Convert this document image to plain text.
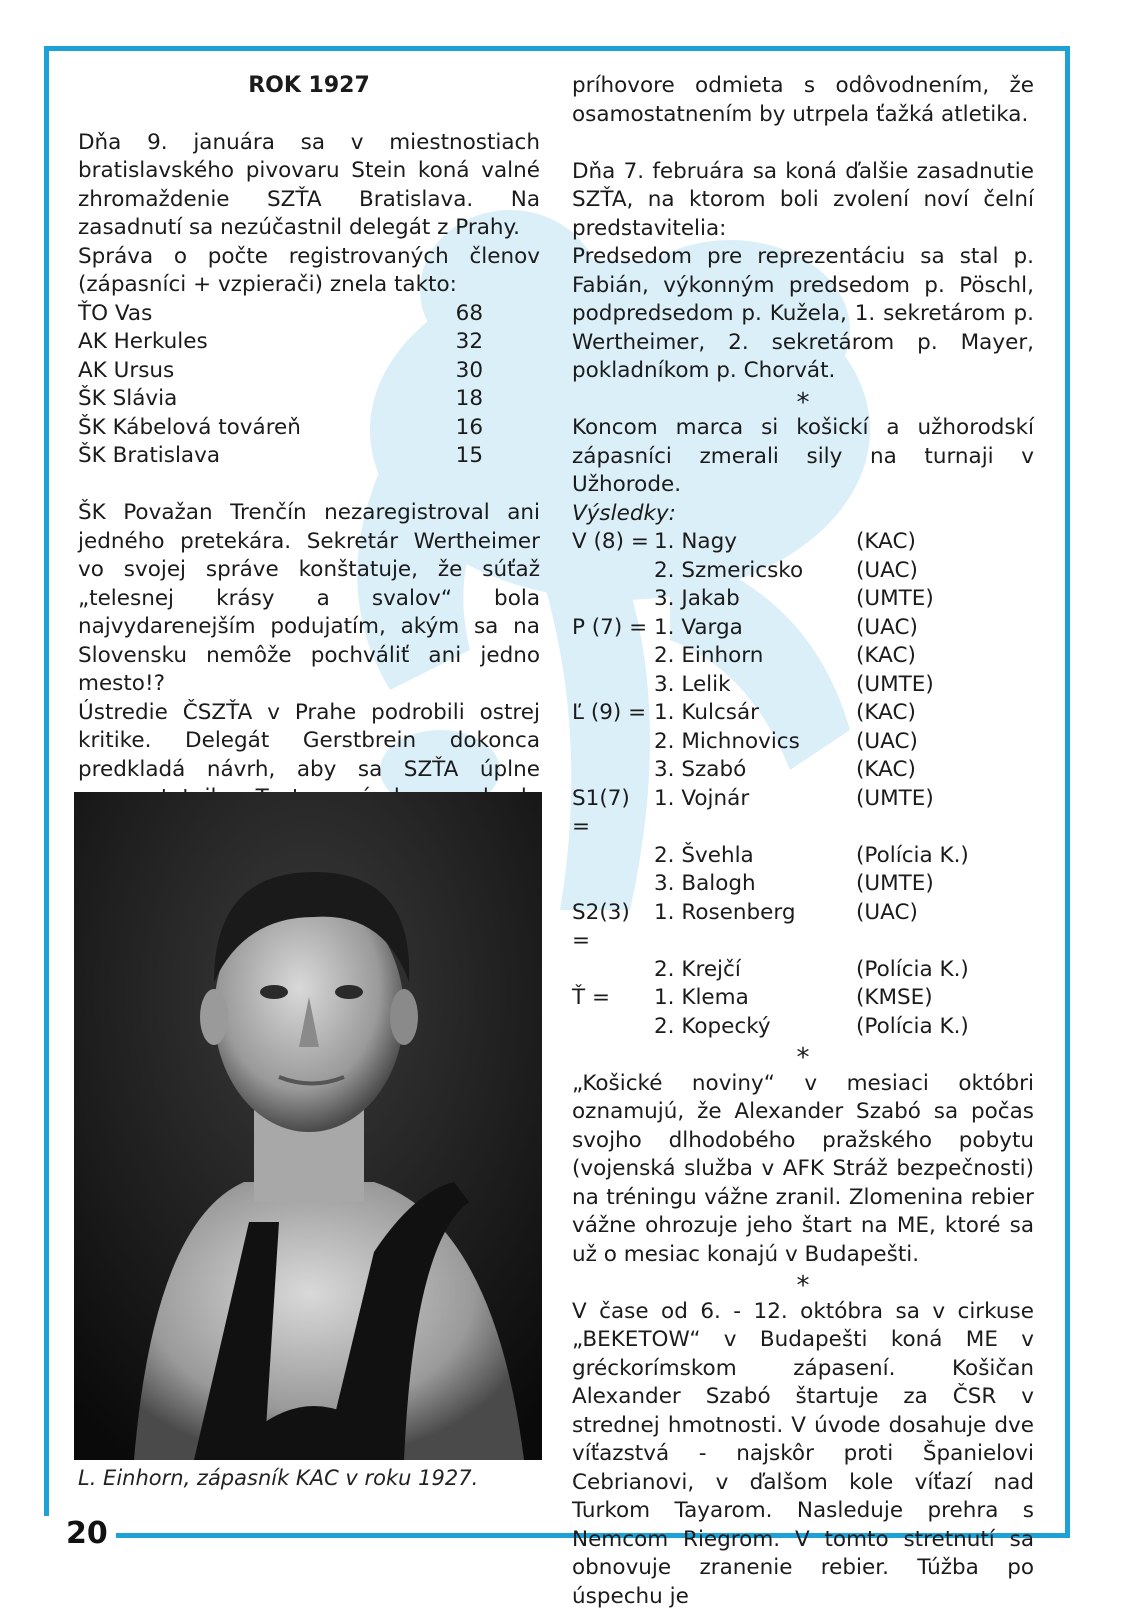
20
ROK 1927

Dňa 9. januára sa v miestnostiach bratislavského pivovaru Stein koná valné zhromaždenie SZŤA Bratislava. Na zasadnutí sa nezúčastnil delegát z Prahy.

Správa o počte registrovaných členov (zápasníci + vzpierači) znela takto:

ŤO Vas	68
AK Herkules	32
AK Ursus	30
ŠK Slávia	18
ŠK Kábelová továreň	16
ŠK Bratislava	15

ŠK Považan Trenčín nezaregistroval ani jedného pretekára. Sekretár Wertheimer vo svojej správe konštatuje, že súťaž „telesnej krásy a svalov“ bola najvydarenejším podujatím, akým sa na Slovensku nemôže pochváliť ani jedno mesto!?

Ústredie ČSZŤA v Prahe podrobili ostrej kritike. Delegát Gerstbrein dokonca predkladá návrh, aby sa SZŤA úplne

L. Einhorn, zápasník KAC v roku 1927.

príhovore odmieta s odôvodnením, že osamostatnením by utrpela ťažká atletika.

Dňa 7. februára sa koná ďalšie zasadnutie SZŤA, na ktorom boli zvolení noví čelní predstavitelia:

Predsedom pre reprezentáciu sa stal p. Fabián, výkonným predsedom p. Pöschl, podpredsedom p. Kužela, 1. sekretárom p. Wertheimer, 2. sekretárom p. Mayer, pokladníkom p. Chorvát.

*

Koncom marca si košickí a užhorodskí zápasníci zmerali sily na turnaji v Užhorode.

Výsledky:
V (8) = 1. Nagy	(KAC)
2. Szmericsko	(UAC)
3. Jakab	(UMTE)
P (7) = 1. Varga	(UAC)
2. Einhorn	(KAC)
3. Lelik	(UMTE)
Ľ (9) = 1. Kulcsár	(KAC)
2. Michnovics	(UAC)
3. Szabó	(KAC)
S1(7) =
1. Vojnár	(UMTE)
2. Švehla	(Polícia K.)
3. Balogh	(UMTE)
S2(3) =
1. Rosenberg	(UAC)
2. Krejčí	(Polícia K.)
Ť =	1. Klema	(KMSE)
2. Kopecký	(Polícia K.)
*

„Košické noviny“ v mesiaci októbri oznamujú, že Alexander Szabó sa počas svojho dlhodobého pražského pobytu (vojenská služba v AFK Stráž bezpečnosti) na tréningu vážne zranil. Zlomenina rebier vážne ohrozuje jeho štart na ME, ktoré sa už o mesiac konajú v Budapešti.

*

V čase od 6. - 12. októbra sa v cirkuse „BEKETOW“ v Budapešti koná ME v gréckorímskom zápasení. Košičan Alexander Szabó štartuje za ČSR v strednej hmotnosti. V úvode dosahuje dve víťazstvá - najskôr proti Španielovi Cebrianovi, v ďalšom kole víťazí nad Turkom Tayarom. Nasleduje prehra s Nemcom Riegrom. V tomto stretnutí sa obnovuje zranenie rebier. Túžba po úspechu je
